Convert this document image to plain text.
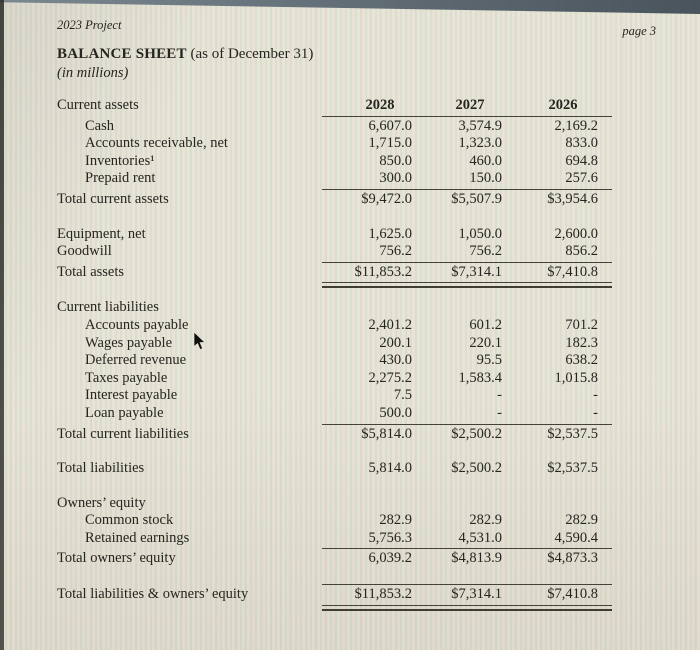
2023 Project	page 3
BALANCE SHEET (as of December 31)
(in millions)
Current assets	2028	2027	2026
Cash	6,607.0	3,574.9	2,169.2
Accounts receivable, net	1,715.0	1,323.0	833.0
Inventories¹	850.0	460.0	694.8
Prepaid rent	300.0	150.0	257.6
Total current assets	$9,472.0	$5,507.9	$3,954.6
Equipment, net	1,625.0	1,050.0	2,600.0
Goodwill	756.2	756.2	856.2
Total assets	$11,853.2	$7,314.1	$7,410.8
Current liabilities
Accounts payable	2,401.2	601.2	701.2
Wages payable	200.1	220.1	182.3
Deferred revenue	430.0	95.5	638.2
Taxes payable	2,275.2	1,583.4	1,015.8
Interest payable	7.5	-	-
Loan payable	500.0	-	-
Total current liabilities	$5,814.0	$2,500.2	$2,537.5
Total liabilities	5,814.0	$2,500.2	$2,537.5
Owners’ equity
Common stock	282.9	282.9	282.9
Retained earnings	5,756.3	4,531.0	4,590.4
Total owners’ equity	6,039.2	$4,813.9	$4,873.3
Total liabilities & owners’ equity	$11,853.2	$7,314.1	$7,410.8
